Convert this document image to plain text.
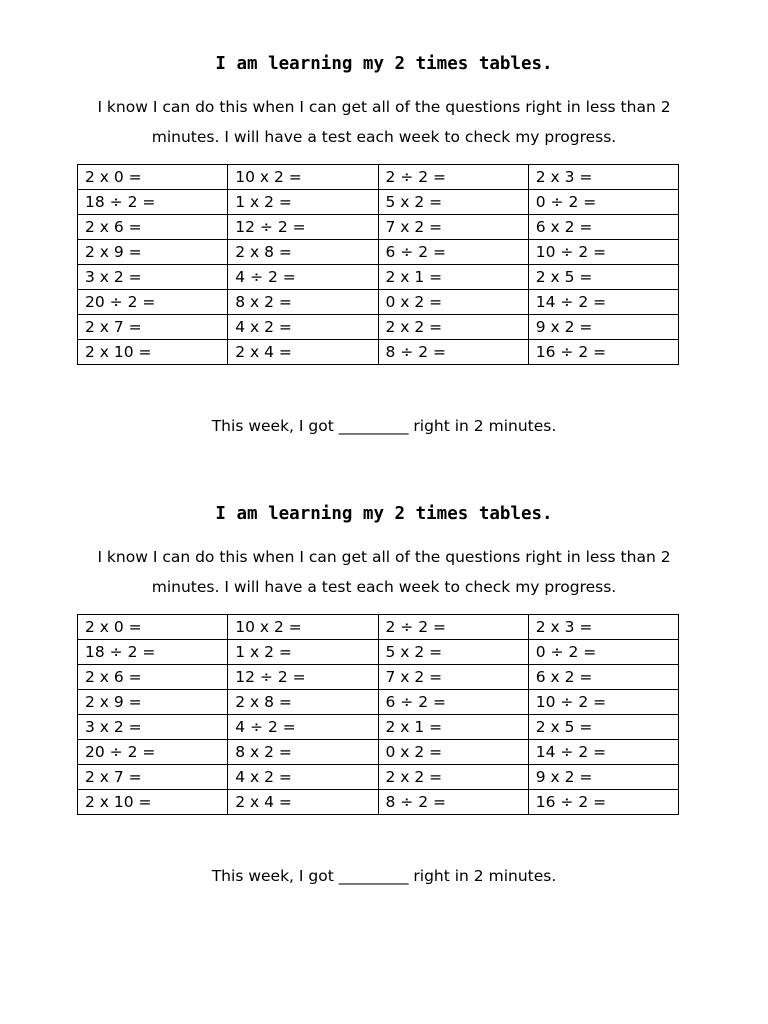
I am learning my 2 times tables.

I know I can do this when I can get all of the questions right in less than 2 minutes. I will have a test each week to check my progress.

2 x 0 =	10 x 2 =	2 ÷ 2 =	2 x 3 =
18 ÷ 2 =	1 x 2 =	5 x 2 =	0 ÷ 2 =
2 x 6 =	12 ÷ 2 =	7 x 2 =	6 x 2 =
2 x 9 =	2 x 8 =	6 ÷ 2 =	10 ÷ 2 =
3 x 2 =	4 ÷ 2 =	2 x 1 =	2 x 5 =
20 ÷ 2 =	8 x 2 =	0 x 2 =	14 ÷ 2 =
2 x 7 =	4 x 2 =	2 x 2 =	9 x 2 =
2 x 10 =	2 x 4 =	8 ÷ 2 =	16 ÷ 2 =
This week, I got _________ right in 2 minutes.
I am learning my 2 times tables.

I know I can do this when I can get all of the questions right in less than 2 minutes. I will have a test each week to check my progress.

2 x 0 =	10 x 2 =	2 ÷ 2 =	2 x 3 =
18 ÷ 2 =	1 x 2 =	5 x 2 =	0 ÷ 2 =
2 x 6 =	12 ÷ 2 =	7 x 2 =	6 x 2 =
2 x 9 =	2 x 8 =	6 ÷ 2 =	10 ÷ 2 =
3 x 2 =	4 ÷ 2 =	2 x 1 =	2 x 5 =
20 ÷ 2 =	8 x 2 =	0 x 2 =	14 ÷ 2 =
2 x 7 =	4 x 2 =	2 x 2 =	9 x 2 =
2 x 10 =	2 x 4 =	8 ÷ 2 =	16 ÷ 2 =
This week, I got _________ right in 2 minutes.
